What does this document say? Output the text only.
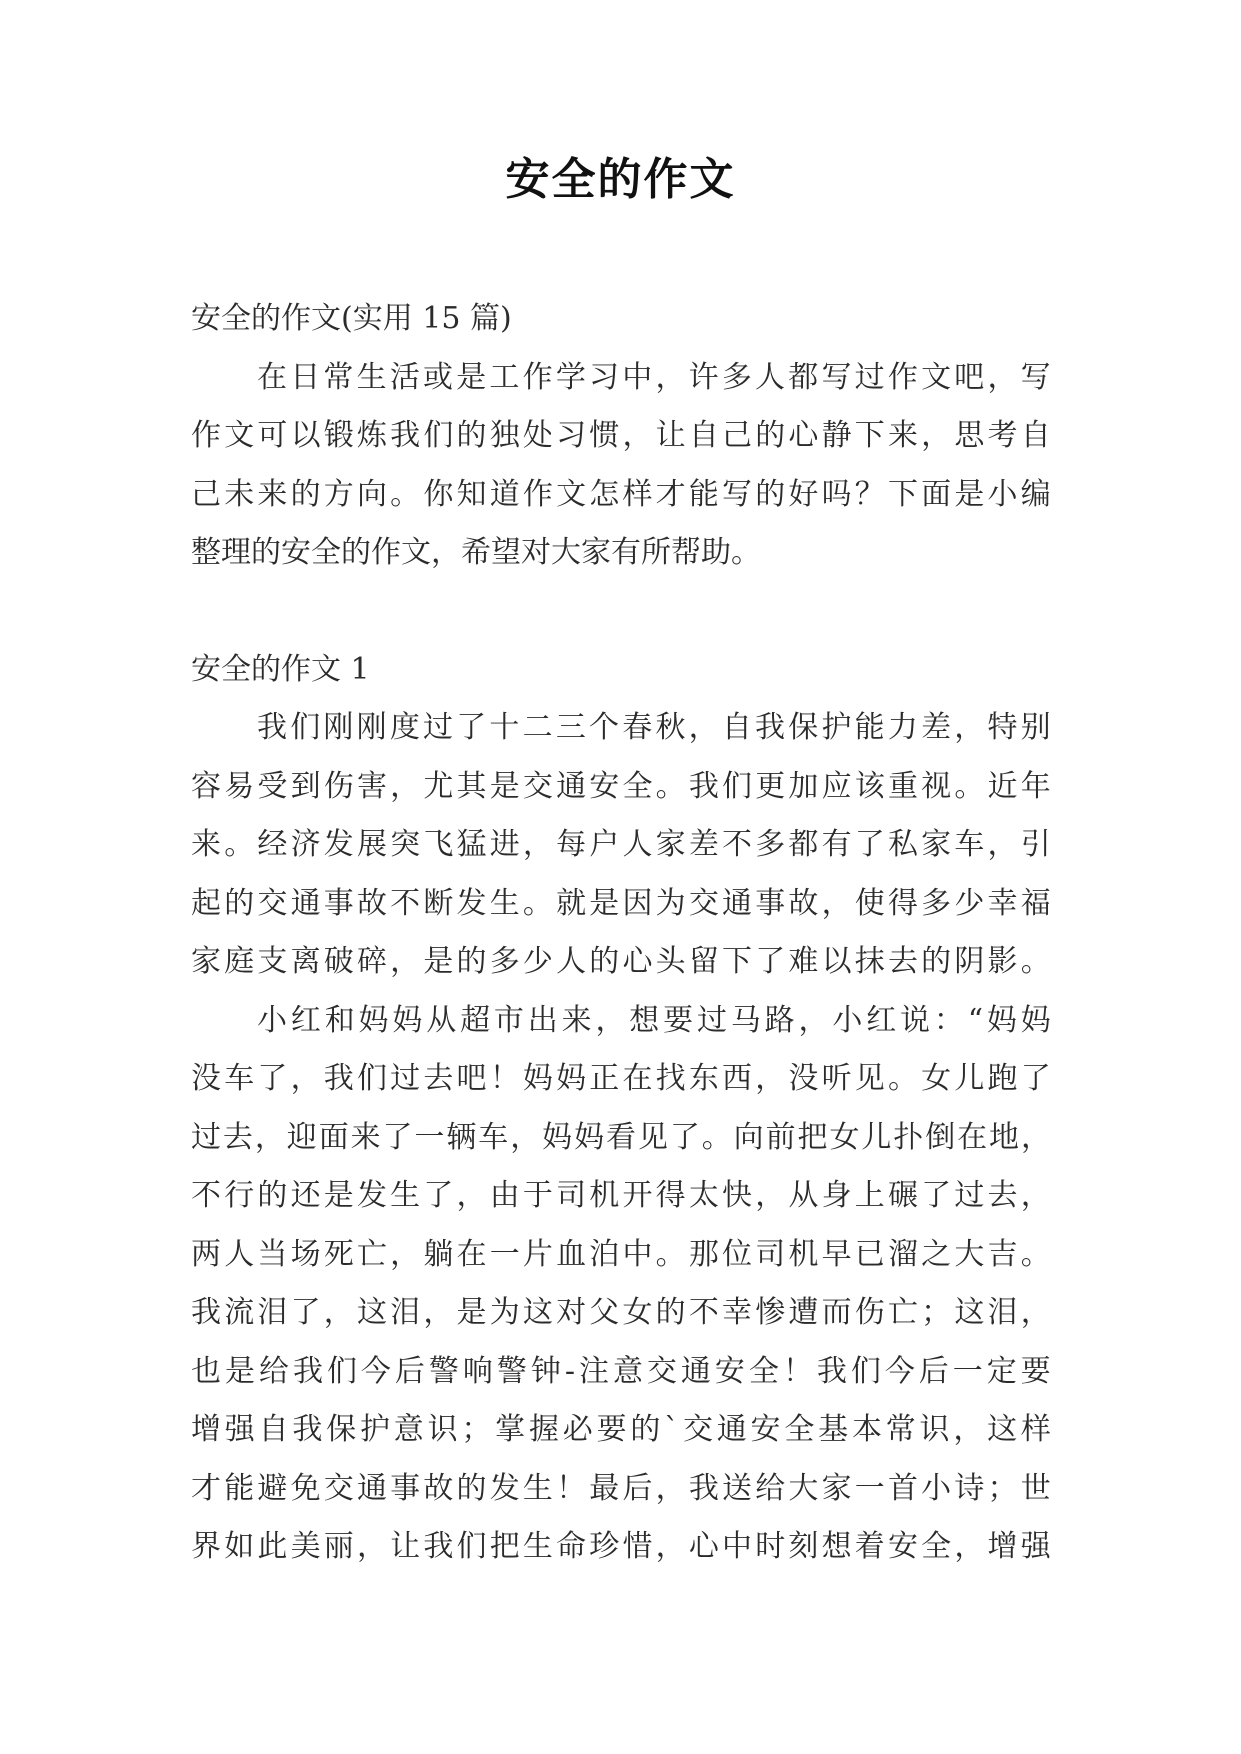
安全的作文

安全的作文(实用 15 篇)

在 日 常 生 活 或 是 工 作 学 习 中 ， 许 多 人 都 写 过 作 文 吧 ， 写

作 文 可 以 锻 炼 我 们 的 独 处 习 惯 ， 让 自 己 的 心 静 下 来 ， 思 考 自

己 未 来 的 方 向 。 你 知 道 作 文 怎 样 才 能 写 的 好 吗 ？ 下 面 是 小 编

整理的安全的作文，希望对大家有所帮助。

安全的作文 1

我 们 刚 刚 度 过 了 十 二 三 个 春 秋 ， 自 我 保 护 能 力 差 ， 特 别

容 易 受 到 伤 害 ， 尤 其 是 交 通 安 全 。 我 们 更 加 应 该 重 视 。 近 年

来 。 经 济 发 展 突 飞 猛 进 ， 每 户 人 家 差 不 多 都 有 了 私 家 车 ， 引

起 的 交 通 事 故 不 断 发 生 。 就 是 因 为 交 通 事 故 ， 使 得 多 少 幸 福

家 庭 支 离 破 碎 ， 是 的 多 少 人 的 心 头 留 下 了 难 以 抹 去 的 阴 影 。

小 红 和 妈 妈 从 超 市 出 来 ， 想 要 过 马 路 ， 小 红 说 ： “ 妈 妈

没 车 了 ， 我 们 过 去 吧 ！ 妈 妈 正 在 找 东 西 ， 没 听 见 。 女 儿 跑 了

过 去 ， 迎 面 来 了 一 辆 车 ， 妈 妈 看 见 了 。 向 前 把 女 儿 扑 倒 在 地 ，

不 行 的 还 是 发 生 了 ， 由 于 司 机 开 得 太 快 ， 从 身 上 碾 了 过 去 ，

两 人 当 场 死 亡 ， 躺 在 一 片 血 泊 中 。 那 位 司 机 早 已 溜 之 大 吉 。

我 流 泪 了 ， 这 泪 ， 是 为 这 对 父 女 的 不 幸 惨 遭 而 伤 亡 ； 这 泪 ，

也 是 给 我 们 今 后 警 响 警 钟 - 注 意 交 通 安 全 ！ 我 们 今 后 一 定 要

增 强 自 我 保 护 意 识 ； 掌 握 必 要 的 ` 交 通 安 全 基 本 常 识 ， 这 样

才 能 避 免 交 通 事 故 的 发 生 ！ 最 后 ， 我 送 给 大 家 一 首 小 诗 ； 世

界 如 此 美 丽 ， 让 我 们 把 生 命 珍 惜 ， 心 中 时 刻 想 着 安 全 ， 增 强
